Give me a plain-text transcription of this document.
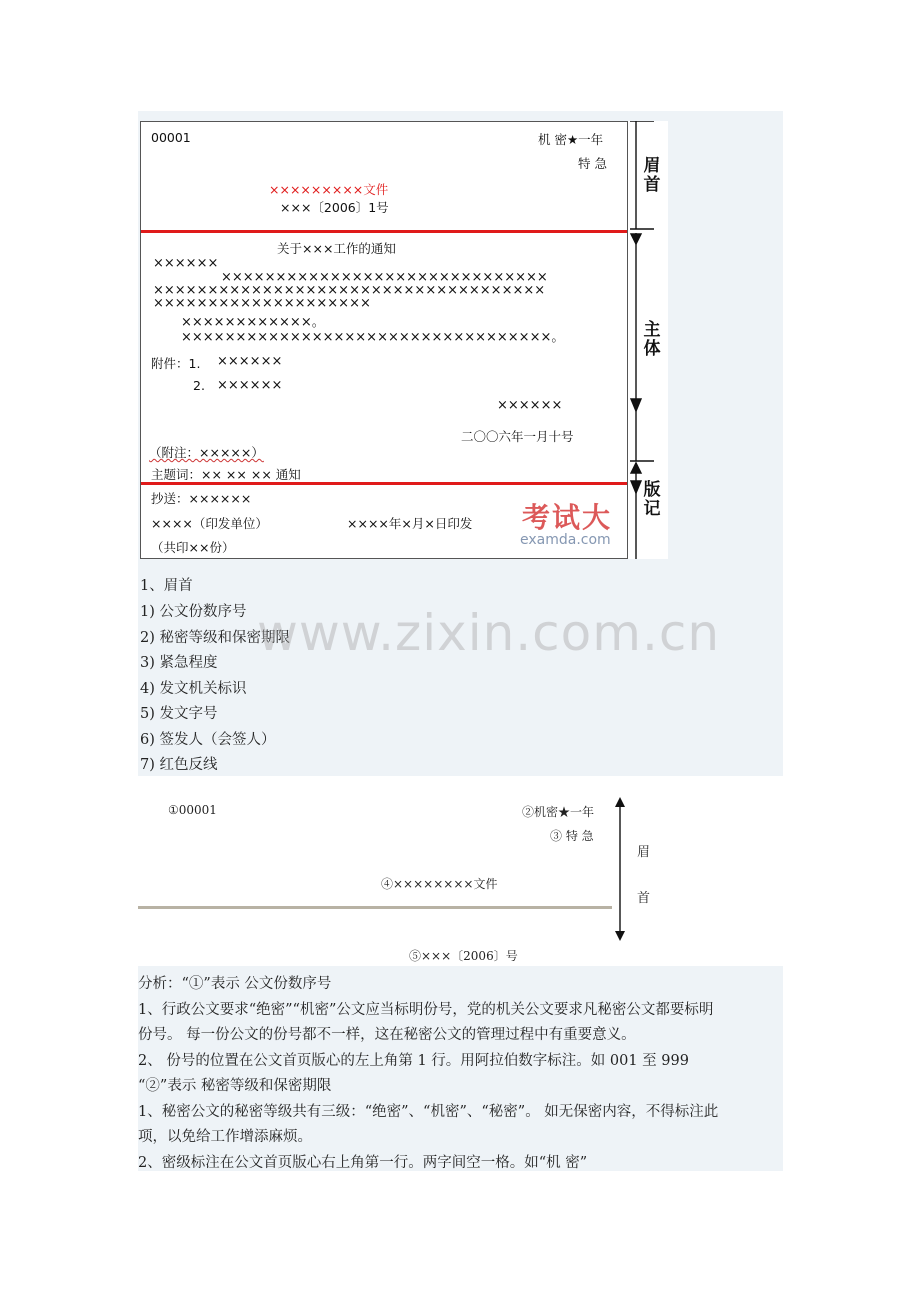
00001	机 密★一年
特 急
×××××××××文件
×××〔2006〕1号
关于×××工作的通知
××××××
××××××××××××××××××××××××××××××
××××××××××××××××××××××××××××××××××××
××××××××××××××××××××
××××××××××××。
××××××××××××××××××××××××××××××××××。
附件：1. ××××××
2. ××××××
××××××
二〇〇六年一月十号
（附注：×××××）
主题词：×× ×× ×× 通知
抄送：××××××
××××（印发单位）	××××年×月×日印发
（共印××份）
眉首
主体
版记
考试大
examda.com
1、眉首
1) 公文份数序号
2) 秘密等级和保密期限
3) 紧急程度
4) 发文机关标识
5) 发文字号
6) 签发人（会签人）
7) 红色反线
www.zixin.com.cn
①00001	②机密★一年
③ 特 急
④××××××××文件
⑤×××〔2006〕号
眉
首
分析：“①”表示 公文份数序号
1、行政公文要求“绝密”“机密”公文应当标明份号，党的机关公文要求凡秘密公文都要标明
份号。 每一份公文的份号都不一样，这在秘密公文的管理过程中有重要意义。
2、 份号的位置在公文首页版心的左上角第 1 行。用阿拉伯数字标注。如 001 至 999
“②”表示 秘密等级和保密期限
1、秘密公文的秘密等级共有三级：“绝密”、“机密”、“秘密”。 如无保密内容，不得标注此
项，以免给工作增添麻烦。
2、密级标注在公文首页版心右上角第一行。两字间空一格。如“机 密”
